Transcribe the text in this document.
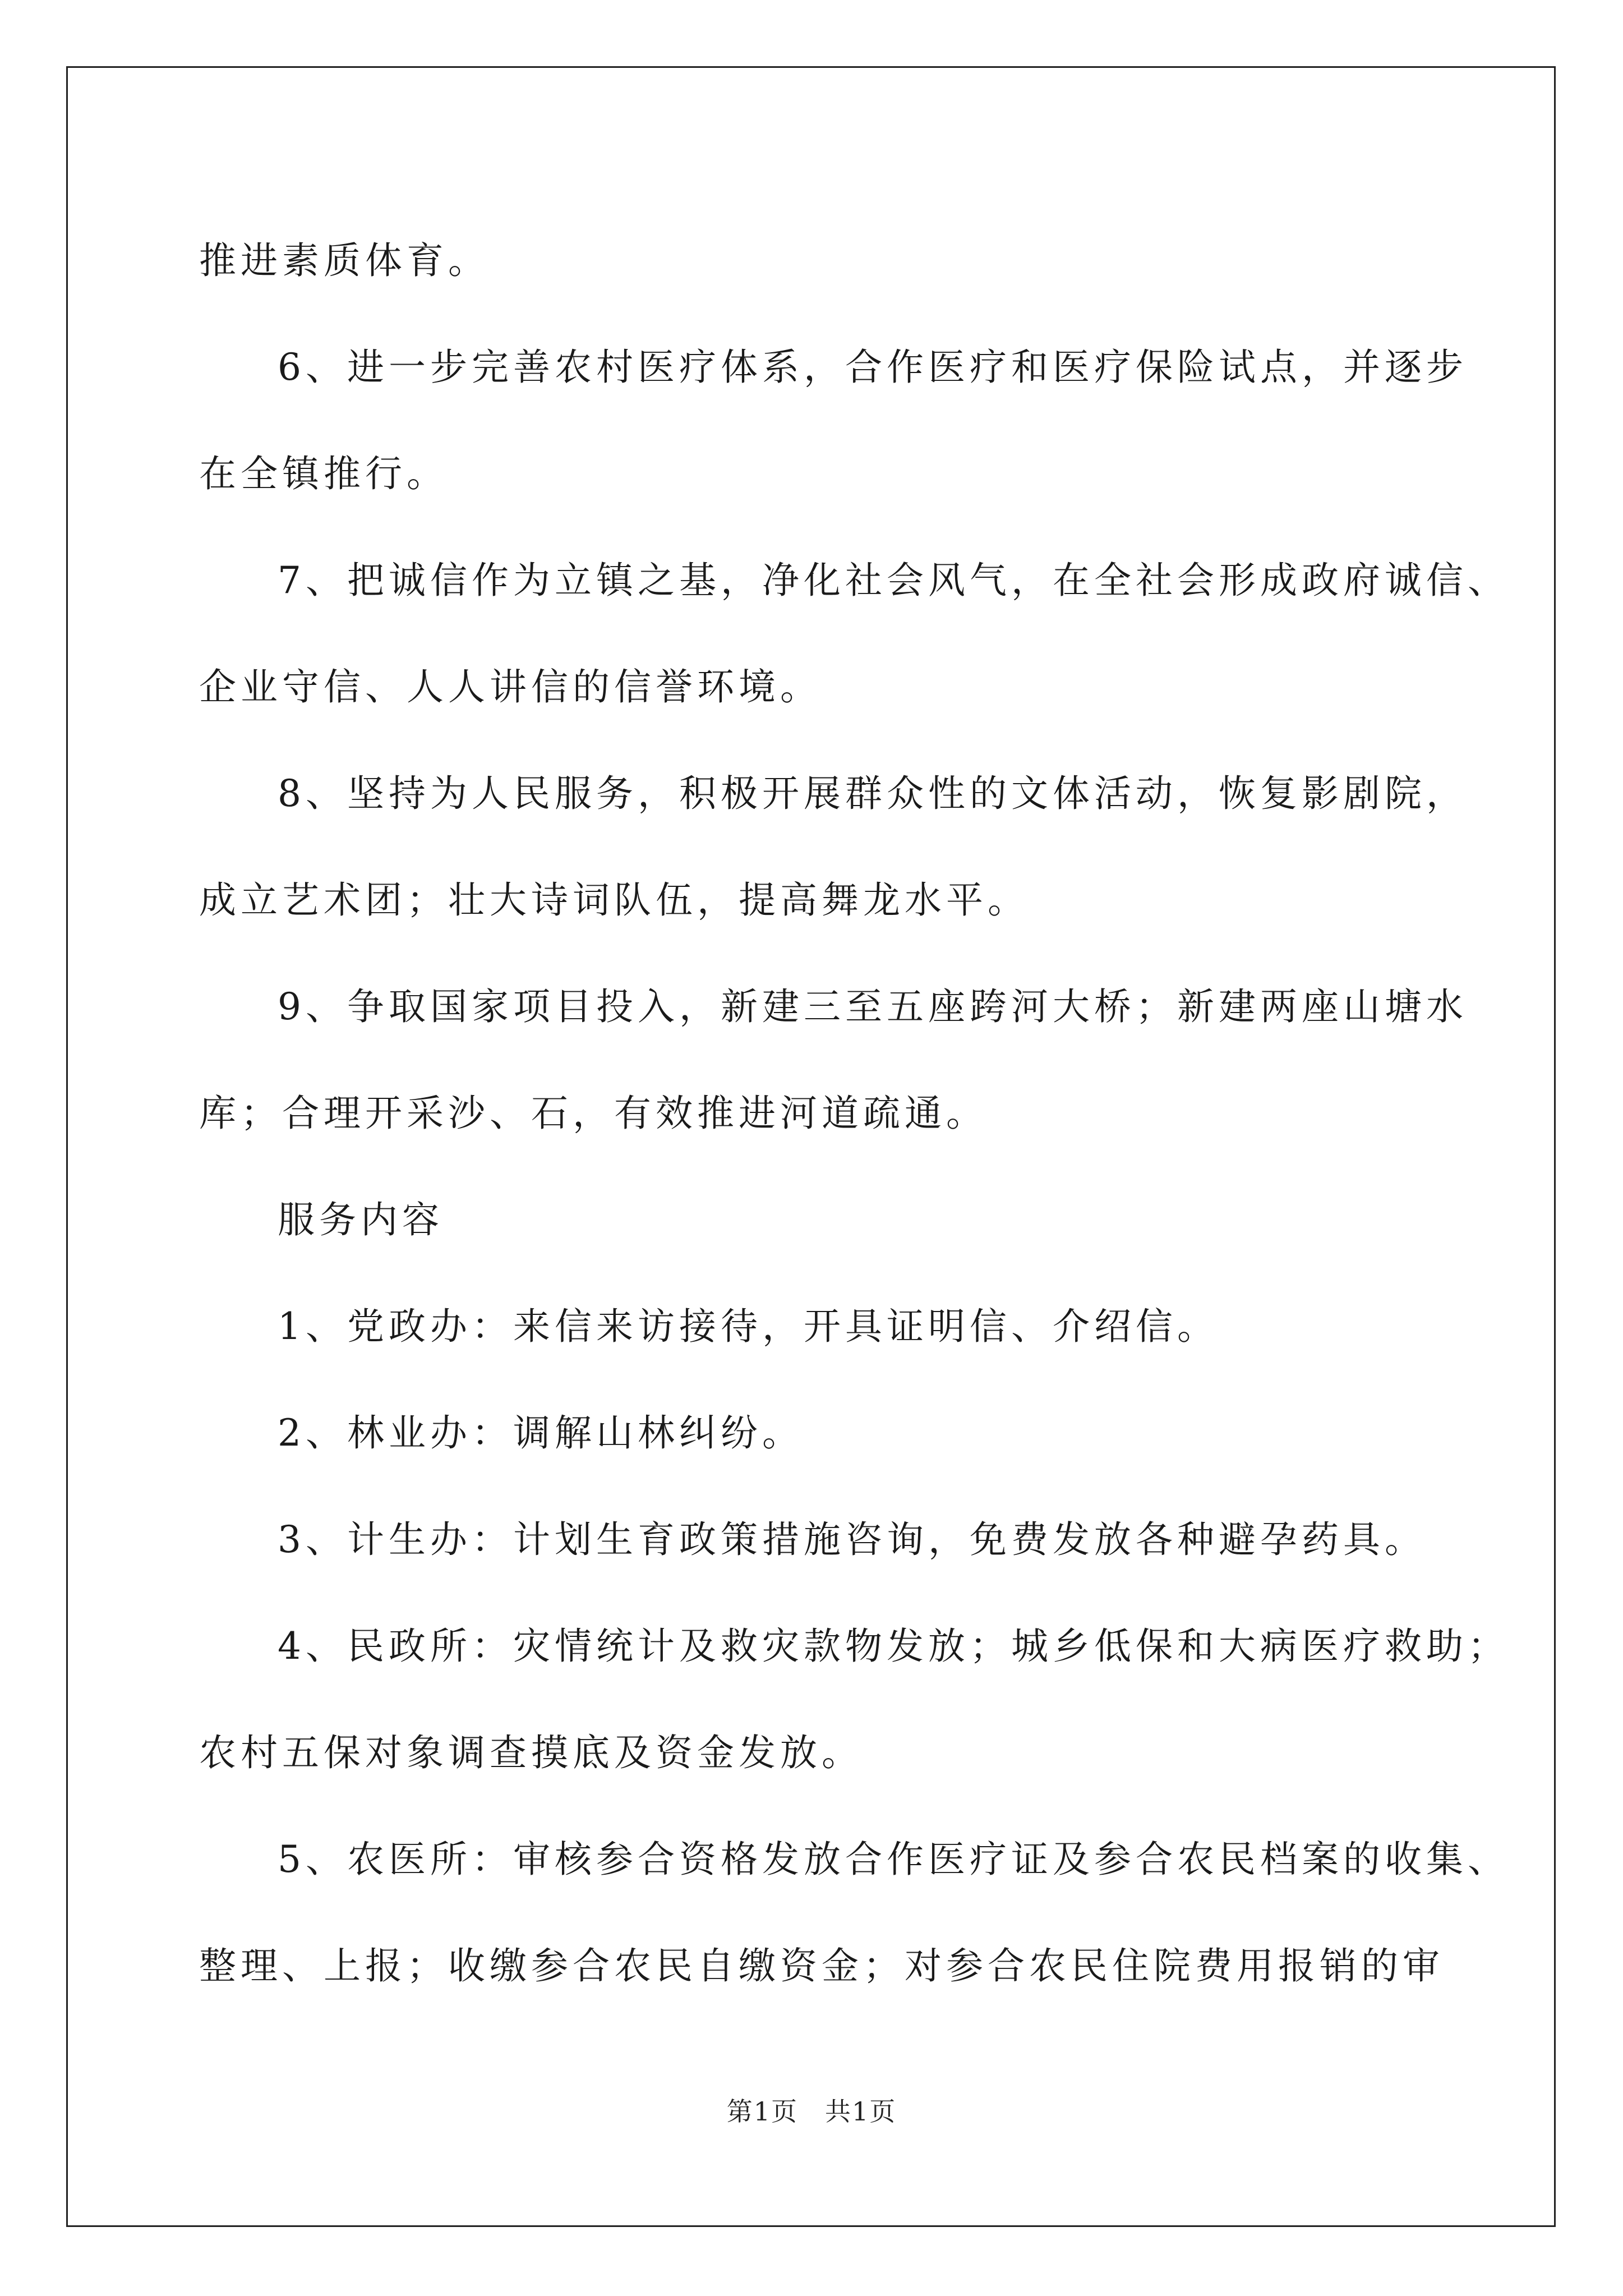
推进素质体育。
6、进一步完善农村医疗体系，合作医疗和医疗保险试点，并逐步
在全镇推行。
7、把诚信作为立镇之基，净化社会风气，在全社会形成政府诚信、
企业守信、人人讲信的信誉环境。
8、坚持为人民服务，积极开展群众性的文体活动，恢复影剧院，
成立艺术团；壮大诗词队伍，提高舞龙水平。
9、争取国家项目投入，新建三至五座跨河大桥；新建两座山塘水
库；合理开采沙、石，有效推进河道疏通。
服务内容
1、党政办：来信来访接待，开具证明信、介绍信。
2、林业办：调解山林纠纷。
3、计生办：计划生育政策措施咨询，免费发放各种避孕药具。
4、民政所：灾情统计及救灾款物发放；城乡低保和大病医疗救助；
农村五保对象调查摸底及资金发放。
5、农医所：审核参合资格发放合作医疗证及参合农民档案的收集、
整理、上报；收缴参合农民自缴资金；对参合农民住院费用报销的审
第1页　共1页
